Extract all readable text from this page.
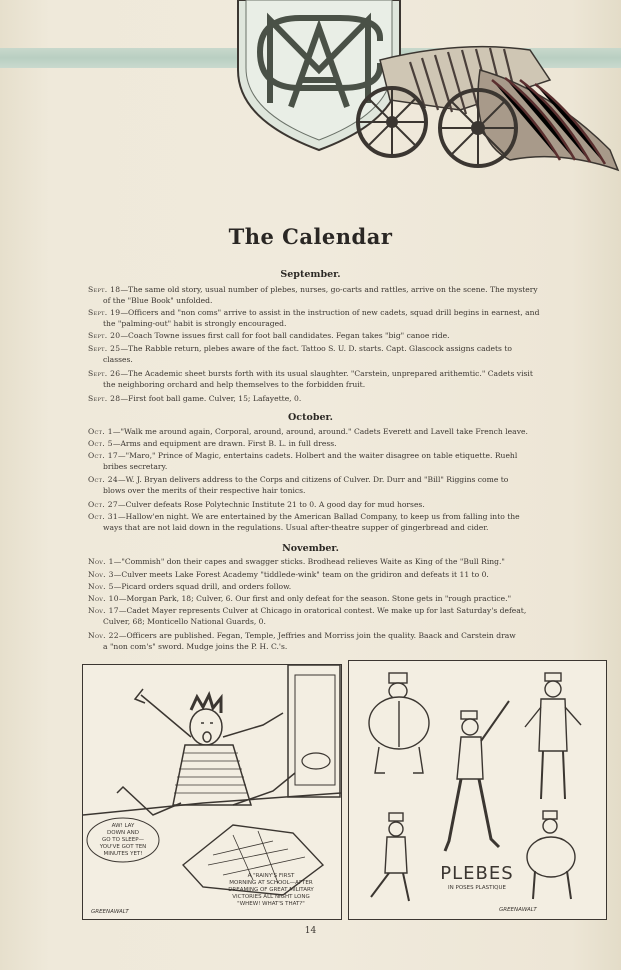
CMA
The Calendar
September.
Sept. 18—The same old story, usual number of plebes, nurses, go-carts and rattles, arrive on the scene. The mystery
of the "Blue Book" unfolded.
Sept. 19—Officers and "non coms" arrive to assist in the instruction of new cadets, squad drill begins in earnest, and
the "palming-out" habit is strongly encouraged.
Sept. 20—Coach Towne issues first call for foot ball candidates. Fegan takes "big" canoe ride.
Sept. 25—The Rabble return, plebes aware of the fact. Tattoo S. U. D. starts. Capt. Glascock assigns cadets to
classes.
Sept. 26—The Academic sheet bursts forth with its usual slaughter. "Carstein, unprepared arithemtic." Cadets visit
the neighboring orchard and help themselves to the forbidden fruit.
Sept. 28—First foot ball game. Culver, 15; Lafayette, 0.
October.
Oct. 1—"Walk me around again, Corporal, around, around, around." Cadets Everett and Lavell take French leave.
Oct. 5—Arms and equipment are drawn. First B. L. in full dress.
Oct. 17—"Maro," Prince of Magic, entertains cadets. Holbert and the waiter disagree on table etiquette. Ruehl
bribes secretary.
Oct. 24—W. J. Bryan delivers address to the Corps and citizens of Culver. Dr. Durr and "Bill" Riggins come to
blows over the merits of their respective hair tonics.
Oct. 27—Culver defeats Rose Polytechnic Institute 21 to 0. A good day for mud horses.
Oct. 31—Hallow'en night. We are entertained by the American Ballad Company, to keep us from falling into the
ways that are not laid down in the regulations. Usual after-theatre supper of gingerbread and cider.
November.
Nov. 1—"Commish" don their capes and swagger sticks. Brodhead relieves Waite as King of the "Bull Ring."
Nov. 3—Culver meets Lake Forest Academy "tiddlede-wink" team on the gridiron and defeats it 11 to 0.
Nov. 5—Picard orders squad drill, and orders follow.
Nov. 10—Morgan Park, 18; Culver, 6. Our first and only defeat for the season. Stone gets in "rough practice."
Nov. 17—Cadet Mayer represents Culver at Chicago in oratorical contest. We make up for last Saturday's defeat,
Culver, 68; Monticello National Guards, 0.
Nov. 22—Officers are published. Fegan, Temple, Jeffries and Morriss join the quality. Baack and Carstein draw
a "non com's" sword. Mudge joins the P. H. C.'s.
AW! LAY
DOWN AND
GO TO SLEEP—
YOU'VE GOT TEN
MINUTES YET!
A "RAINY'S FIRST
MORNING AT SCHOOL—AFTER
DREAMING OF GREAT MILITARY
VICTORIES ALL NIGHT LONG
"WHEW! WHAT'S THAT?"
GREENAWALT
PLEBES
IN POSES PLASTIQUE
GREENAWALT
14
